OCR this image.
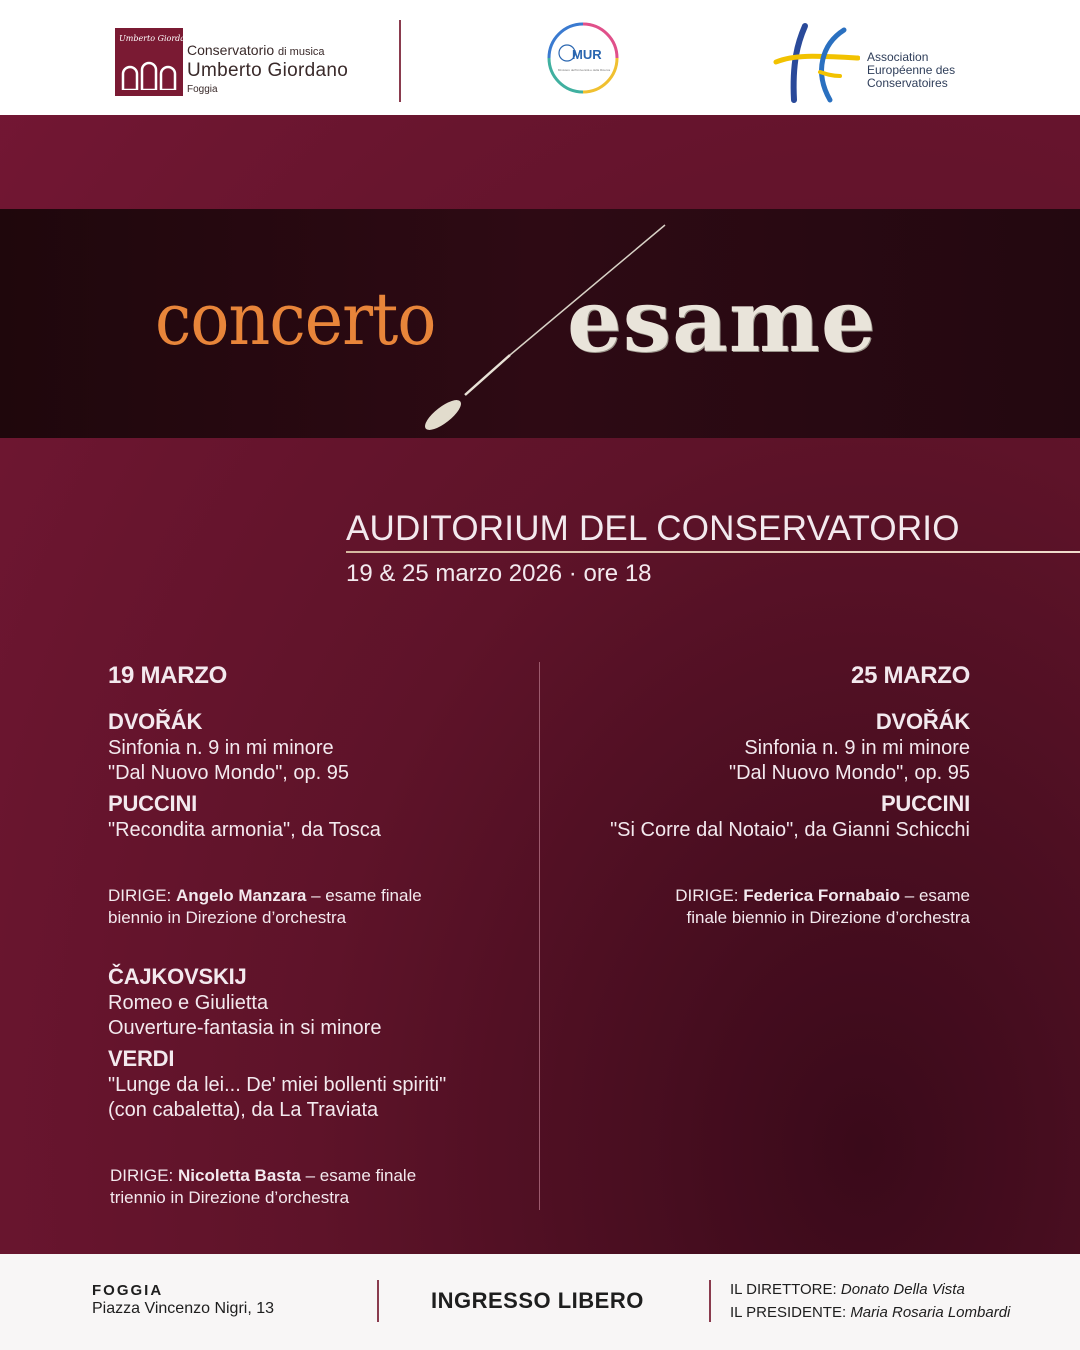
Umberto Giordano
Conservatorio di musica
Umberto Giordano
Foggia
MUR
Ministero dell'Università e della Ricerca
Association
Européenne des
Conservatoires
concerto esame
AUDITORIUM DEL CONSERVATORIO
19 & 25 marzo 2026 · ore 18

19 MARZO

DVOŘÁK

Sinfonia n. 9 in mi minore
"Dal Nuovo Mondo", op. 95

PUCCINI

"Recondita armonia", da Tosca

DIRIGE: Angelo Manzara – esame finale
biennio in Direzione d’orchestra

ČAJKOVSKIJ

Romeo e Giulietta
Ouverture-fantasia in si minore

VERDI

"Lunge da lei... De' miei bollenti spiriti"
(con cabaletta), da La Traviata

DIRIGE: Nicoletta Basta – esame finale
triennio in Direzione d’orchestra

25 MARZO

DVOŘÁK

Sinfonia n. 9 in mi minore
"Dal Nuovo Mondo", op. 95

PUCCINI

"Si Corre dal Notaio", da Gianni Schicchi

DIRIGE: Federica Fornabaio – esame
finale biennio in Direzione d’orchestra

FOGGIA
Piazza Vincenzo Nigri, 13	INGRESSO LIBERO	IL DIRETTORE: Donato Della Vista
IL PRESIDENTE: Maria Rosaria Lombardi
